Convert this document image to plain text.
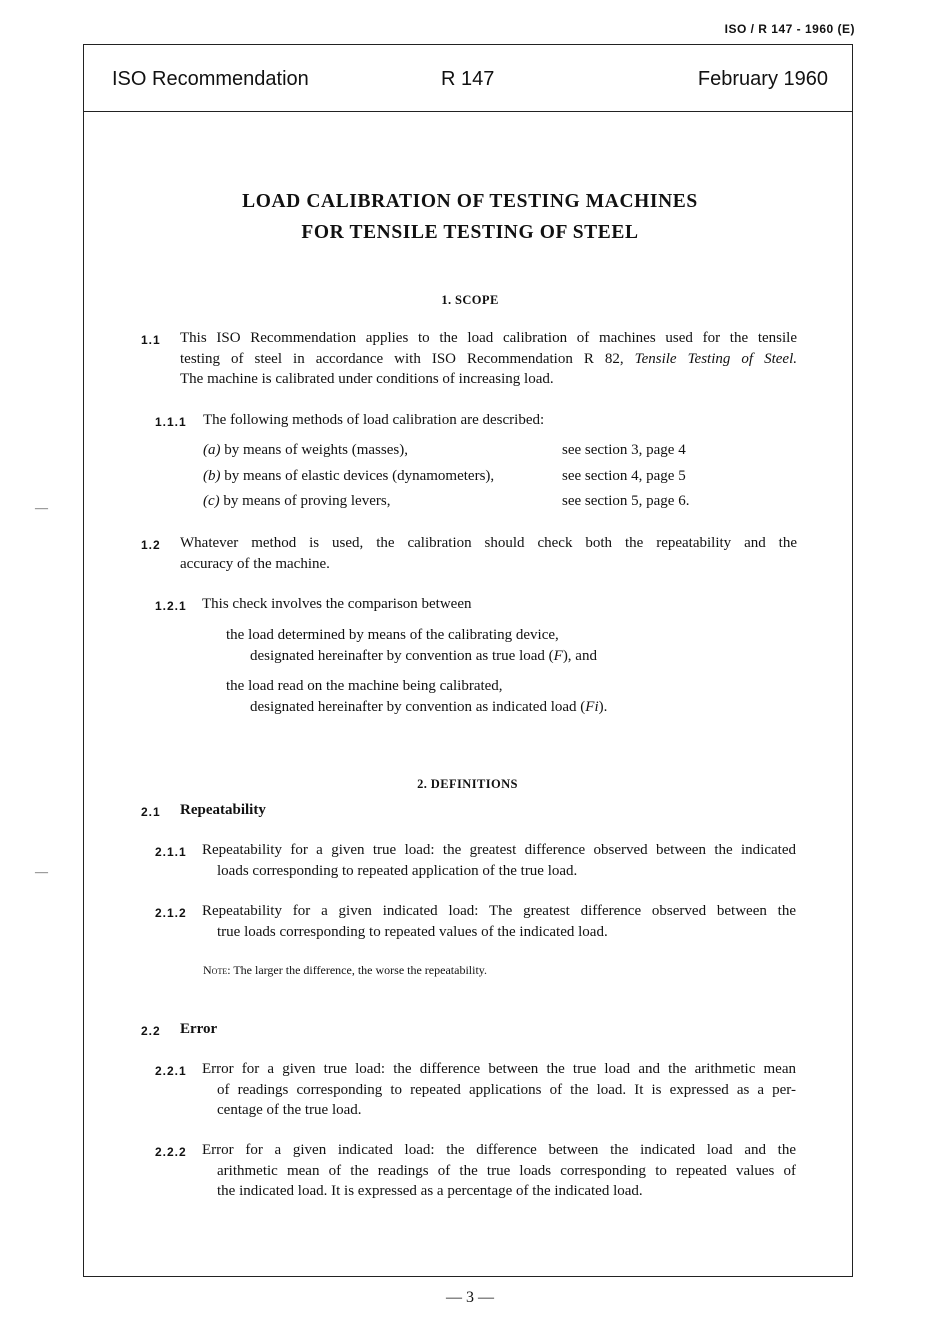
ISO / R 147 - 1960 (E)
ISO Recommendation	R 147	February 1960
LOAD CALIBRATION OF TESTING MACHINES
FOR TENSILE TESTING OF STEEL
1. SCOPE
1.1 This ISO Recommendation applies to the load calibration of machines used for the tensile
testing of steel in accordance with ISO Recommendation R 82, Tensile Testing of Steel.
The machine is calibrated under conditions of increasing load.
1.1.1 The following methods of load calibration are described:
(a) by means of weights (masses),	see section 3, page 4
(b) by means of elastic devices (dynamometers),	see section 4, page 5
(c) by means of proving levers,	see section 5, page 6.
1.2 Whatever method is used, the calibration should check both the repeatability and the
accuracy of the machine.
1.2.1 This check involves the comparison between
the load determined by means of the calibrating device,
designated hereinafter by convention as true load (F), and
the load read on the machine being calibrated,
designated hereinafter by convention as indicated load (Fi).
2. DEFINITIONS
2.1 Repeatability
2.1.1 Repeatability for a given true load: the greatest difference observed between the indicated
loads corresponding to repeated application of the true load.
2.1.2 Repeatability for a given indicated load: The greatest difference observed between the
true loads corresponding to repeated values of the indicated load.
Note: The larger the difference, the worse the repeatability.
2.2 Error
2.2.1 Error for a given true load: the difference between the true load and the arithmetic mean
of readings corresponding to repeated applications of the load. It is expressed as a per-
centage of the true load.
2.2.2 Error for a given indicated load: the difference between the indicated load and the
arithmetic mean of the readings of the true loads corresponding to repeated values of
the indicated load. It is expressed as a percentage of the indicated load.
—
—
— 3 —
